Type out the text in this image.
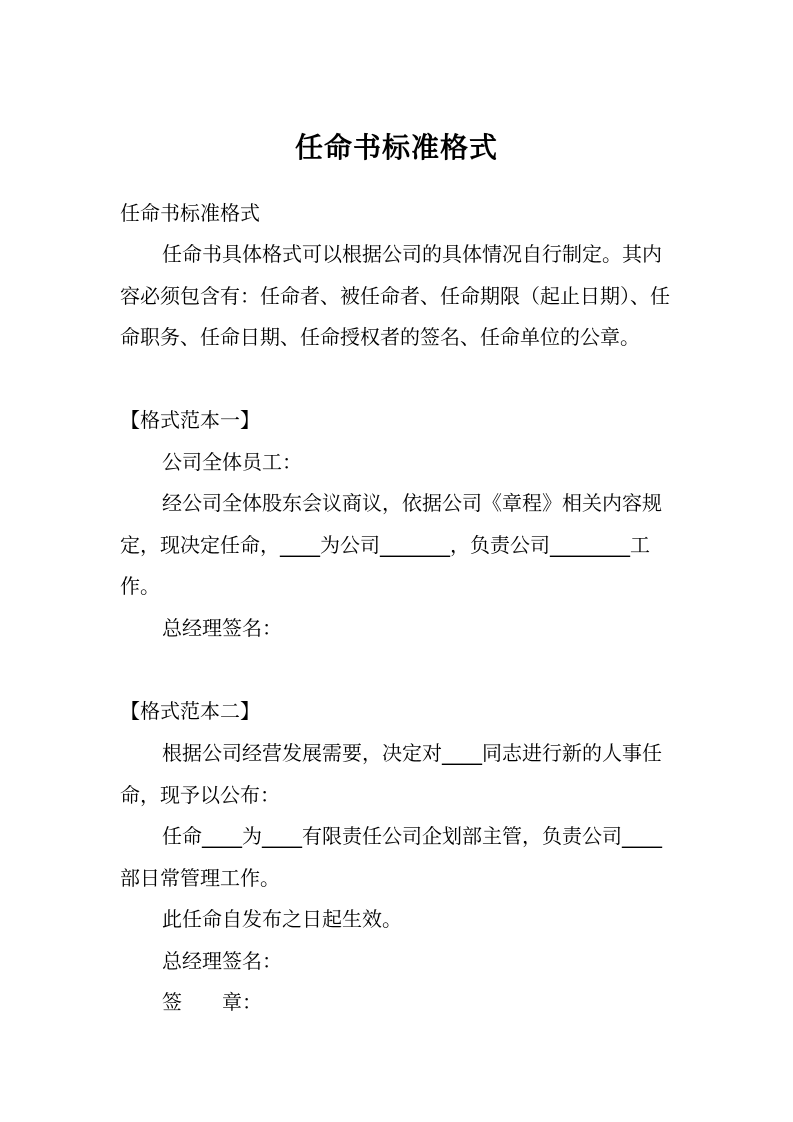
任命书标准格式
任命书标准格式
任命书具体格式可以根据公司的具体情况自行制定。其内容必须包含有：任命者、被任命者、任命期限（起止日期）、任命职务、任命日期、任命授权者的签名、任命单位的公章。
【格式范本一】
公司全体员工：
经公司全体股东会议商议，依据公司《章程》相关内容规定，现决定任命，____为公司_______，负责公司________工作。
总经理签名：
【格式范本二】
根据公司经营发展需要，决定对____同志进行新的人事任命，现予以公布：
任命____为____有限责任公司企划部主管，负责公司____部日常管理工作。
此任命自发布之日起生效。
总经理签名：
签　　章：
